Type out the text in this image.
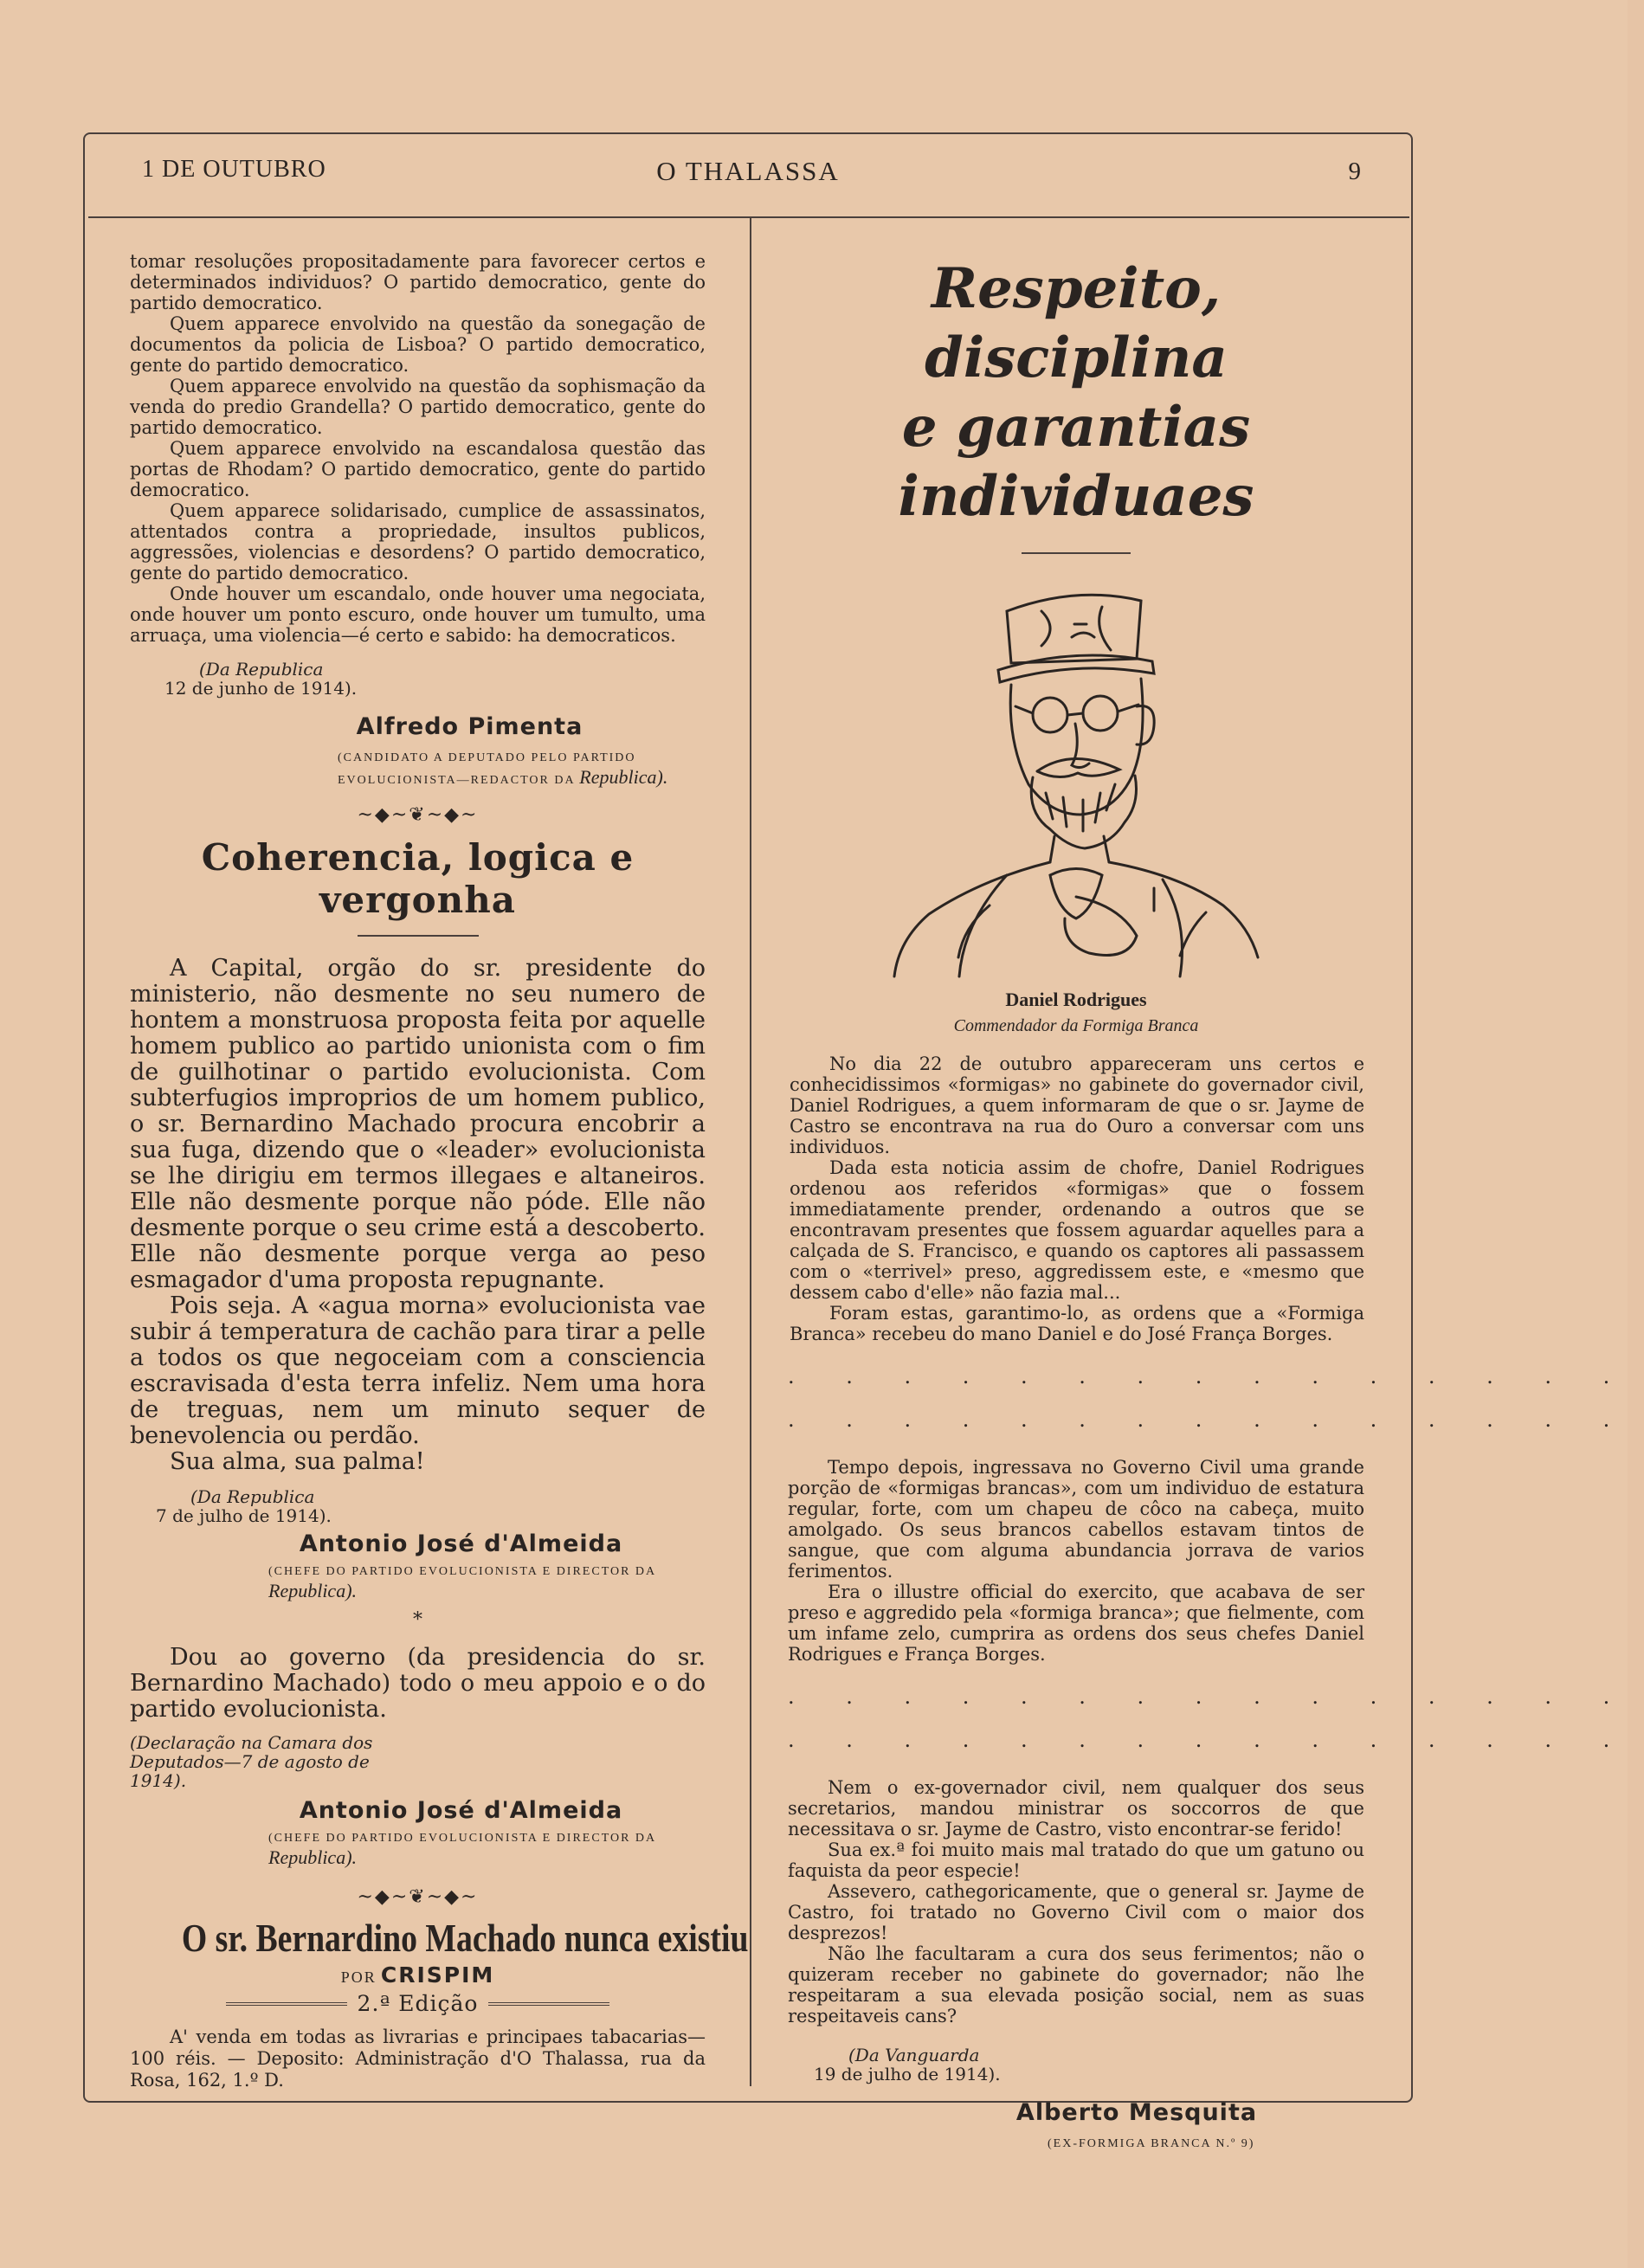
1 DE OUTUBRO	O THALASSA	9

tomar resoluções propositadamente para favorecer certos e determinados individuos? O partido democratico, gente do partido democratico.

Quem apparece envolvido na questão da sonegação de documentos da policia de Lisboa? O partido democratico, gente do partido democratico.

Quem apparece envolvido na questão da sophismação da venda do predio Grandella? O partido democratico, gente do partido democratico.

Quem apparece envolvido na escandalosa questão das portas de Rhodam? O partido democratico, gente do partido democratico.

Quem apparece solidarisado, cumplice de assassinatos, attentados contra a propriedade, insultos publicos, aggressões, violencias e desordens? O partido democratico, gente do partido democratico.

Onde houver um escandalo, onde houver uma negociata, onde houver um ponto escuro, onde houver um tumulto, uma arruaça, uma violencia—é certo e sabido: ha democraticos.

(Da Republica
12 de junho de 1914).
Alfredo Pimenta
(CANDIDATO A DEPUTADO PELO PARTIDO EVOLUCIONISTA—REDACTOR DA Republica).
~◆~❦~◆~
Coherencia, logica e vergonha

A Capital, orgão do sr. presidente do ministerio, não desmente no seu numero de hontem a monstruosa proposta feita por aquelle homem publico ao partido unionista com o fim de guilhotinar o partido evolucionista. Com subterfugios improprios de um homem publico, o sr. Bernardino Machado procura encobrir a sua fuga, dizendo que o «leader» evolucionista se lhe dirigiu em termos illegaes e altaneiros. Elle não desmente porque não póde. Elle não desmente porque o seu crime está a descoberto. Elle não desmente porque verga ao peso esmagador d'uma proposta repugnante.

Pois seja. A «agua morna» evolucionista vae subir á temperatura de cachão para tirar a pelle a todos os que negoceiam com a consciencia escravisada d'esta terra infeliz. Nem uma hora de treguas, nem um minuto sequer de benevolencia ou perdão.

Sua alma, sua palma!

(Da Republica
7 de julho de 1914).
Antonio José d'Almeida
(CHEFE DO PARTIDO EVOLUCIONISTA E DIRECTOR DA Republica).
*

Dou ao governo (da presidencia do sr. Bernardino Machado) todo o meu appoio e o do partido evolucionista.

(Declaração na Camara dos Deputados—7 de agosto de 1914).
Antonio José d'Almeida
(CHEFE DO PARTIDO EVOLUCIONISTA E DIRECTOR DA Republica).
~◆~❦~◆~
O sr. Bernardino Machado nunca existiu
POR CRISPIM
2.ª Edição

A' venda em todas as livrarias e principaes tabacarias—100 réis. — Deposito: Administração d'O Thalassa, rua da Rosa, 162, 1.º D.

Respeito, disciplina
e garantias individuaes
Daniel Rodrigues
Commendador da Formiga Branca

No dia 22 de outubro appareceram uns certos e conhecidissimos «formigas» no gabinete do governador civil, Daniel Rodrigues, a quem informaram de que o sr. Jayme de Castro se encontrava na rua do Ouro a conversar com uns individuos.

Dada esta noticia assim de chofre, Daniel Rodrigues ordenou aos referidos «formigas» que o fossem immediatamente prender, ordenando a outros que se encontravam presentes que fossem aguardar aquelles para a calçada de S. Francisco, e quando os captores ali passassem com o «terrivel» preso, aggredissem este, e «mesmo que dessem cabo d'elle» não fazia mal...

Foram estas, garantimo-lo, as ordens que a «Formiga Branca» recebeu do mano Daniel e do José França Borges.

. . . . . . . . . . . . . . .
. . . . . . . . . . . . . . .

Tempo depois, ingressava no Governo Civil uma grande porção de «formigas brancas», com um individuo de estatura regular, forte, com um chapeu de côco na cabeça, muito amolgado. Os seus brancos cabellos estavam tintos de sangue, que com alguma abundancia jorrava de varios ferimentos.

Era o illustre official do exercito, que acabava de ser preso e aggredido pela «formiga branca»; que fielmente, com um infame zelo, cumprira as ordens dos seus chefes Daniel Rodrigues e França Borges.

. . . . . . . . . . . . . . .
. . . . . . . . . . . . . . .

Nem o ex-governador civil, nem qualquer dos seus secretarios, mandou ministrar os soccorros de que necessitava o sr. Jayme de Castro, visto encontrar-se ferido!

Sua ex.ª foi muito mais mal tratado do que um gatuno ou faquista da peor especie!

Assevero, cathegoricamente, que o general sr. Jayme de Castro, foi tratado no Governo Civil com o maior dos desprezos!

Não lhe facultaram a cura dos seus ferimentos; não o quizeram receber no gabinete do governador; não lhe respeitaram a sua elevada posição social, nem as suas respeitaveis cans?

(Da Vanguarda
19 de julho de 1914).
Alberto Mesquita
(EX-FORMIGA BRANCA N.º 9)
